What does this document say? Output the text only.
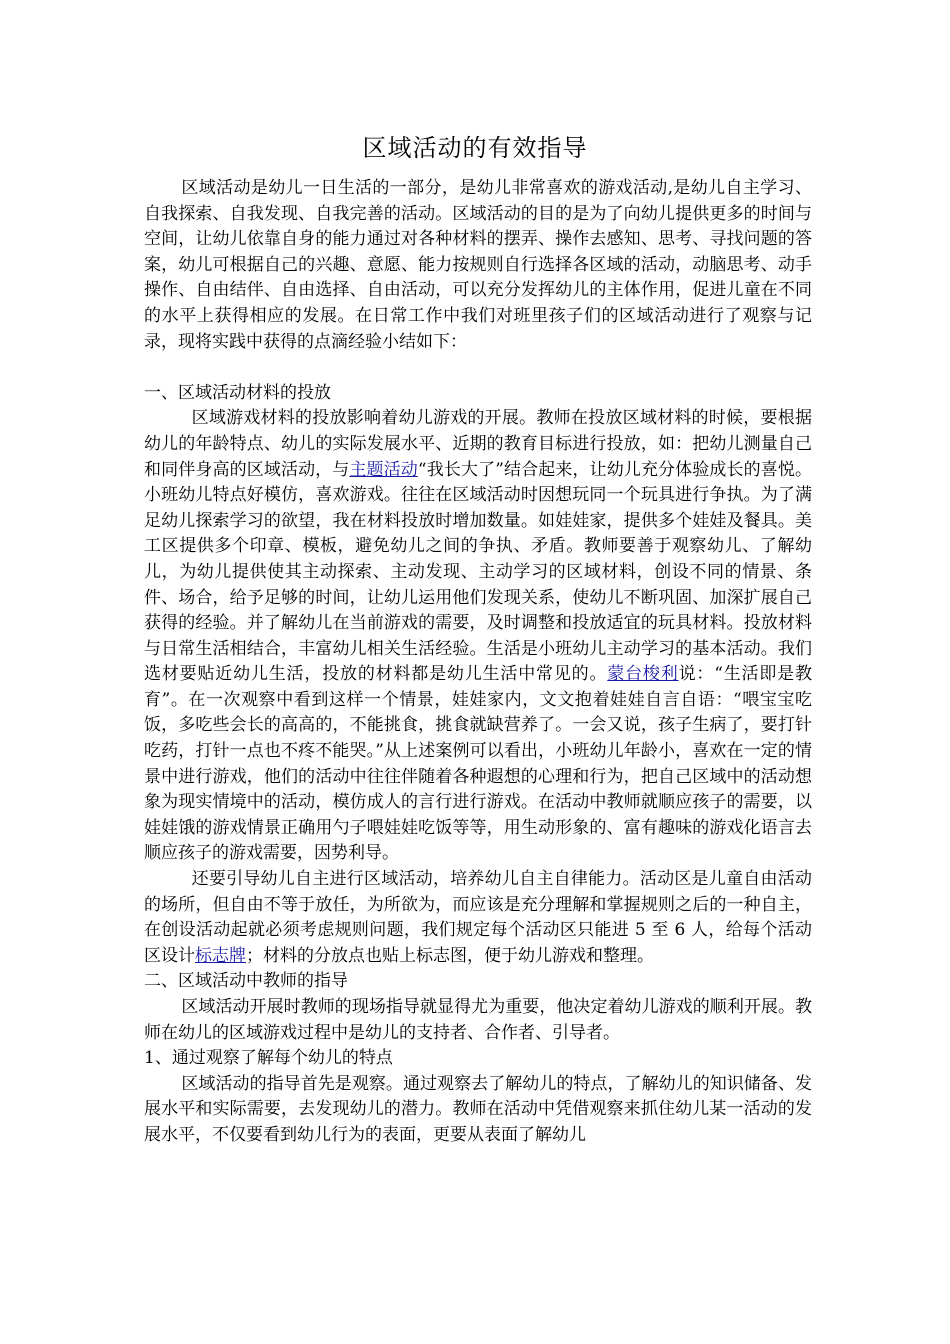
区域活动的有效指导

区域活动是幼儿一日生活的一部分，是幼儿非常喜欢的游戏活动,是幼儿自主学习、自我探索、自我发现、自我完善的活动。区域活动的目的是为了向幼儿提供更多的时间与空间，让幼儿依靠自身的能力通过对各种材料的摆弄、操作去感知、思考、寻找问题的答案，幼儿可根据自己的兴趣、意愿、能力按规则自行选择各区域的活动，动脑思考、动手操作、自由结伴、自由选择、自由活动，可以充分发挥幼儿的主体作用，促进儿童在不同的水平上获得相应的发展。在日常工作中我们对班里孩子们的区域活动进行了观察与记录，现将实践中获得的点滴经验小结如下：

一、区域活动材料的投放

区域游戏材料的投放影响着幼儿游戏的开展。教师在投放区域材料的时候，要根据幼儿的年龄特点、幼儿的实际发展水平、近期的教育目标进行投放，如：把幼儿测量自己和同伴身高的区域活动，与主题活动“我长大了”结合起来，让幼儿充分体验成长的喜悦。小班幼儿特点好模仿，喜欢游戏。往往在区域活动时因想玩同一个玩具进行争执。为了满足幼儿探索学习的欲望，我在材料投放时增加数量。如娃娃家，提供多个娃娃及餐具。美工区提供多个印章、模板，避免幼儿之间的争执、矛盾。教师要善于观察幼儿、了解幼儿，为幼儿提供使其主动探索、主动发现、主动学习的区域材料，创设不同的情景、条件、场合，给予足够的时间，让幼儿运用他们发现关系，使幼儿不断巩固、加深扩展自己获得的经验。并了解幼儿在当前游戏的需要，及时调整和投放适宜的玩具材料。投放材料与日常生活相结合，丰富幼儿相关生活经验。生活是小班幼儿主动学习的基本活动。我们选材要贴近幼儿生活，投放的材料都是幼儿生活中常见的。蒙台梭利说：“生活即是教育”。在一次观察中看到这样一个情景，娃娃家内，文文抱着娃娃自言自语：“喂宝宝吃饭，多吃些会长的高高的，不能挑食，挑食就缺营养了。一会又说，孩子生病了，要打针吃药，打针一点也不疼不能哭。”从上述案例可以看出，小班幼儿年龄小，喜欢在一定的情景中进行游戏，他们的活动中往往伴随着各种遐想的心理和行为，把自己区域中的活动想象为现实情境中的活动，模仿成人的言行进行游戏。在活动中教师就顺应孩子的需要，以娃娃饿的游戏情景正确用勺子喂娃娃吃饭等等，用生动形象的、富有趣味的游戏化语言去顺应孩子的游戏需要，因势利导。

还要引导幼儿自主进行区域活动，培养幼儿自主自律能力。活动区是儿童自由活动的场所，但自由不等于放任，为所欲为，而应该是充分理解和掌握规则之后的一种自主，在创设活动起就必须考虑规则问题，我们规定每个活动区只能进 5 至 6 人，给每个活动区设计标志牌；材料的分放点也贴上标志图，便于幼儿游戏和整理。

二、区域活动中教师的指导

区域活动开展时教师的现场指导就显得尤为重要，他决定着幼儿游戏的顺利开展。教师在幼儿的区域游戏过程中是幼儿的支持者、合作者、引导者。

1、通过观察了解每个幼儿的特点

区域活动的指导首先是观察。通过观察去了解幼儿的特点，了解幼儿的知识储备、发展水平和实际需要，去发现幼儿的潜力。教师在活动中凭借观察来抓住幼儿某一活动的发展水平，不仅要看到幼儿行为的表面，更要从表面了解幼儿
